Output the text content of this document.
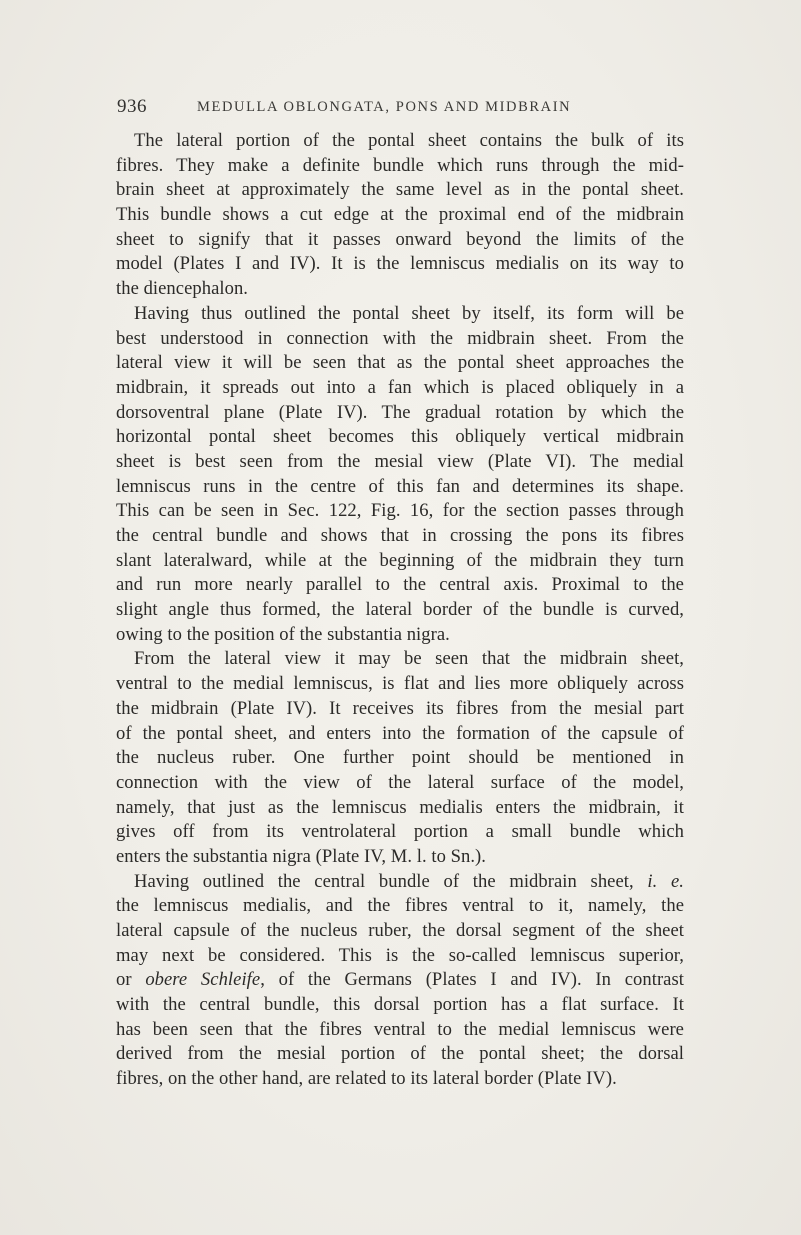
936	MEDULLA OBLONGATA, PONS AND MIDBRAIN
The lateral portion of the pontal sheet contains the bulk of its
fibres. They make a definite bundle which runs through the mid-
brain sheet at approximately the same level as in the pontal sheet.
This bundle shows a cut edge at the proximal end of the midbrain
sheet to signify that it passes onward beyond the limits of the
model (Plates I and IV). It is the lemniscus medialis on its way to
the diencephalon.
Having thus outlined the pontal sheet by itself, its form will be
best understood in connection with the midbrain sheet. From the
lateral view it will be seen that as the pontal sheet approaches the
midbrain, it spreads out into a fan which is placed obliquely in a
dorsoventral plane (Plate IV). The gradual rotation by which the
horizontal pontal sheet becomes this obliquely vertical midbrain
sheet is best seen from the mesial view (Plate VI). The medial
lemniscus runs in the centre of this fan and determines its shape.
This can be seen in Sec. 122, Fig. 16, for the section passes through
the central bundle and shows that in crossing the pons its fibres
slant lateralward, while at the beginning of the midbrain they turn
and run more nearly parallel to the central axis. Proximal to the
slight angle thus formed, the lateral border of the bundle is curved,
owing to the position of the substantia nigra.
From the lateral view it may be seen that the midbrain sheet,
ventral to the medial lemniscus, is flat and lies more obliquely across
the midbrain (Plate IV). It receives its fibres from the mesial part
of the pontal sheet, and enters into the formation of the capsule of
the nucleus ruber. One further point should be mentioned in
connection with the view of the lateral surface of the model,
namely, that just as the lemniscus medialis enters the midbrain, it
gives off from its ventrolateral portion a small bundle which
enters the substantia nigra (Plate IV, M. l. to Sn.).
Having outlined the central bundle of the midbrain sheet, i. e.
the lemniscus medialis, and the fibres ventral to it, namely, the
lateral capsule of the nucleus ruber, the dorsal segment of the sheet
may next be considered. This is the so-called lemniscus superior,
or obere Schleife, of the Germans (Plates I and IV). In contrast
with the central bundle, this dorsal portion has a flat surface. It
has been seen that the fibres ventral to the medial lemniscus were
derived from the mesial portion of the pontal sheet; the dorsal
fibres, on the other hand, are related to its lateral border (Plate IV).
